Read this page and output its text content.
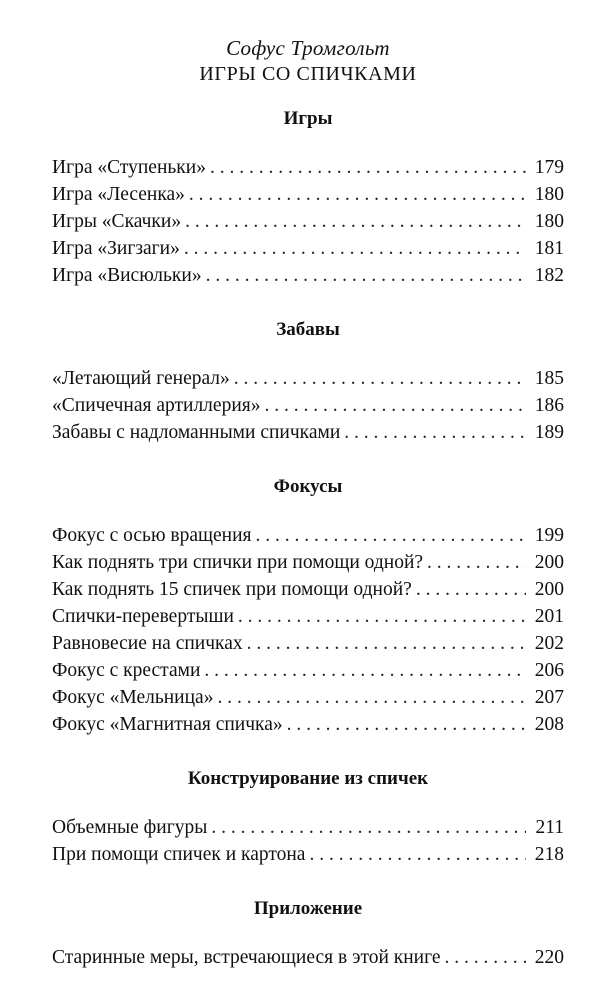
Софус Тромгольт
ИГРЫ СО СПИЧКАМИ
Игры
Игра «Ступеньки» . . .	179
Игра «Лесенка» . . .	180
Игры «Скачки» . . .	180
Игра «Зигзаги» . . .	181
Игра «Висюльки» . . .	182
Забавы
«Летающий генерал» . . .	185
«Спичечная артиллерия» . . .	186
Забавы с надломанными спичками . . .	189
Фокусы
Фокус с осью вращения . . .	199
Как поднять три спички при помощи одной? . . .	200
Как поднять 15 спичек при помощи одной? . . .	200
Спички-перевертыши . . .	201
Равновесие на спичках . . .	202
Фокус с крестами . . .	206
Фокус «Мельница» . . .	207
Фокус «Магнитная спичка» . . .	208
Конструирование из спичек
Объемные фигуры . . .	211
При помощи спичек и картона . . .	218
Приложение
Старинные меры, встречающиеся в этой книге . . .	220
